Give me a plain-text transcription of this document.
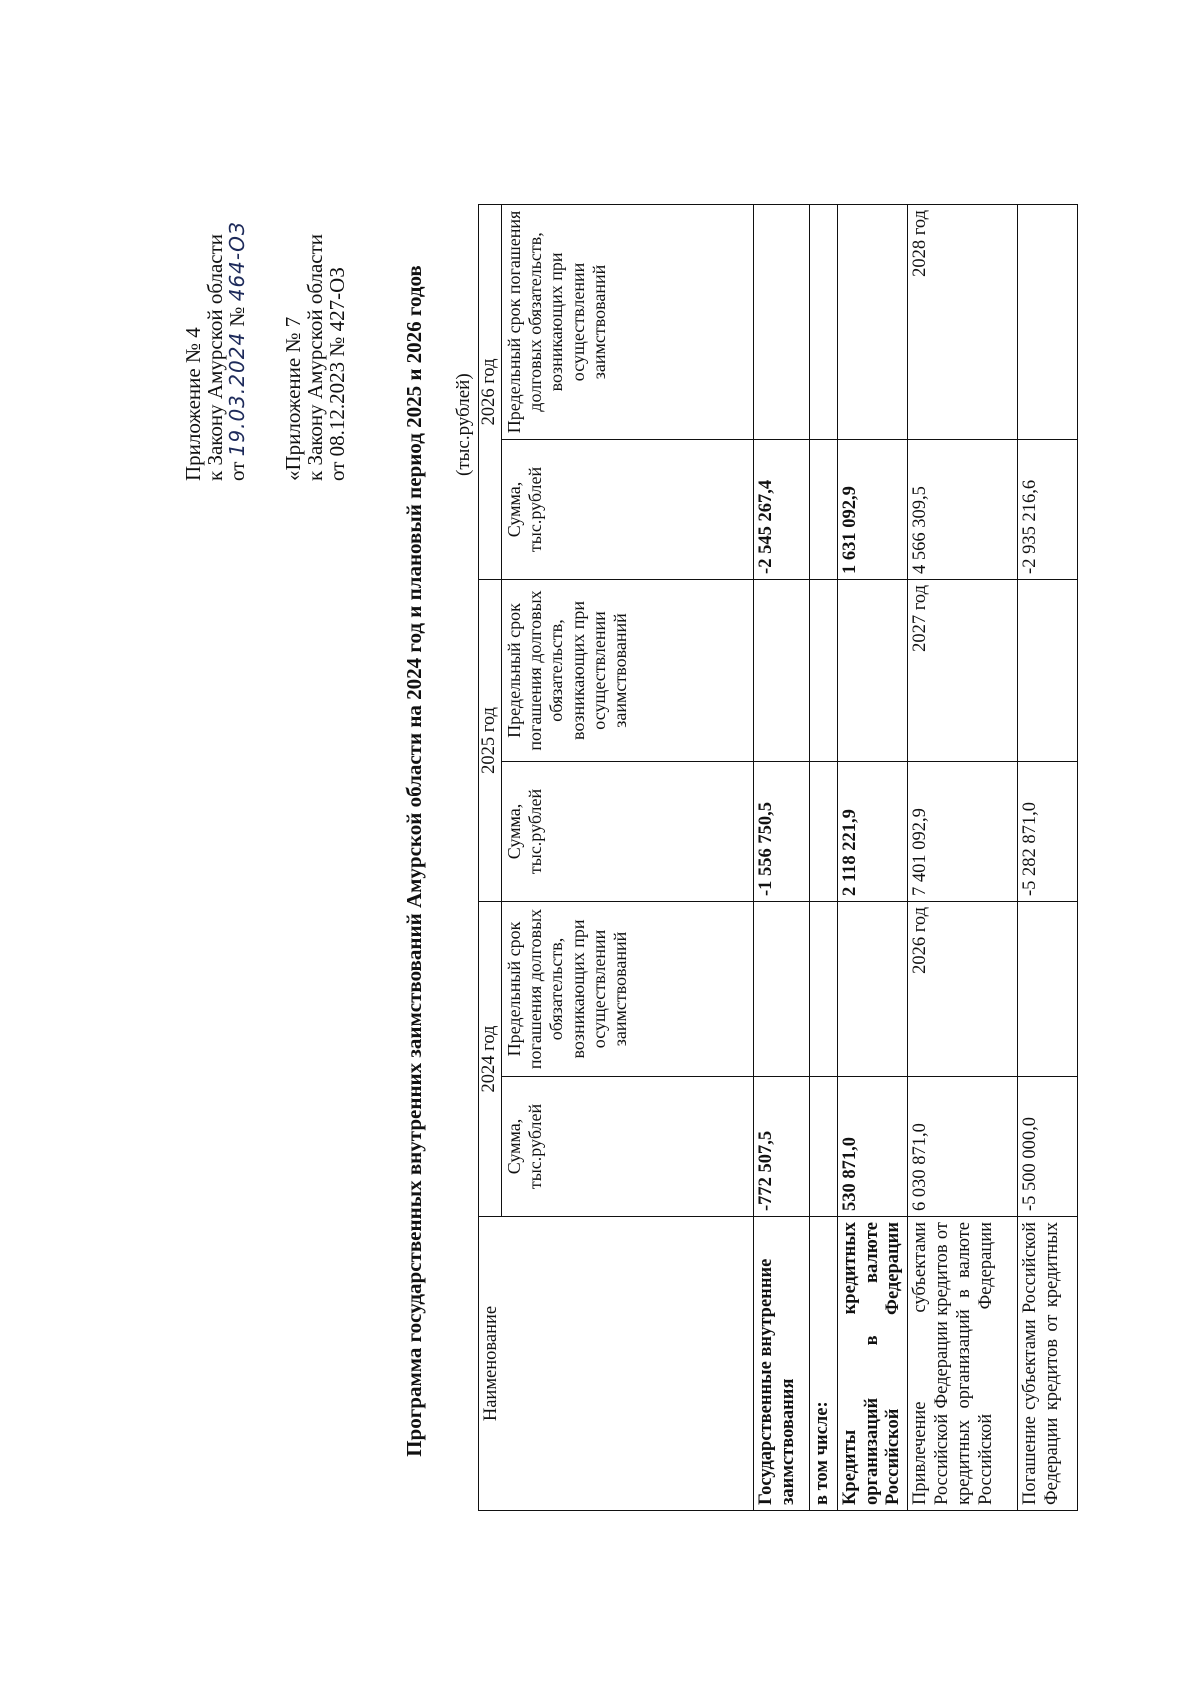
Приложение № 4
к Закону Амурской области
от 19.03.2024 № 464-ОЗ
«Приложение № 7
к Закону Амурской области
от 08.12.2023 № 427-ОЗ	Программа государственных внутренних заимствований Амурской области на 2024 год и плановый период 2025 и 2026 годов (тыс.рублей)
Наименование	2024 год		2025 год		2026 год	
	Сумма, тыс.рублей	Предельный срок погашения долговых обязательств, возникающих при осуществлении заимствований	Сумма, тыс.рублей	Предельный срок погашения долговых обязательств, возникающих при осуществлении заимствований	Сумма, тыс.рублей	Предельный срок погашения долговых обязательств, возникающих при осуществлении заимствований
Государственные внутренние заимствования	-772 507,5		-1 556 750,5		-2 545 267,4	
в том числе:						
Кредиты кредитных организаций в валюте Российской Федерации	530 871,0		2 118 221,9		1 631 092,9	
Привлечение субъектами Российской Федерации кредитов от кредитных организаций в валюте Российской Федерации	6 030 871,0	2026 год	7 401 092,9	2027 год	4 566 309,5	2028 год
Погашение субъектами Российской Федерации кредитов от кредитных	-5 500 000,0		-5 282 871,0		-2 935 216,6	
